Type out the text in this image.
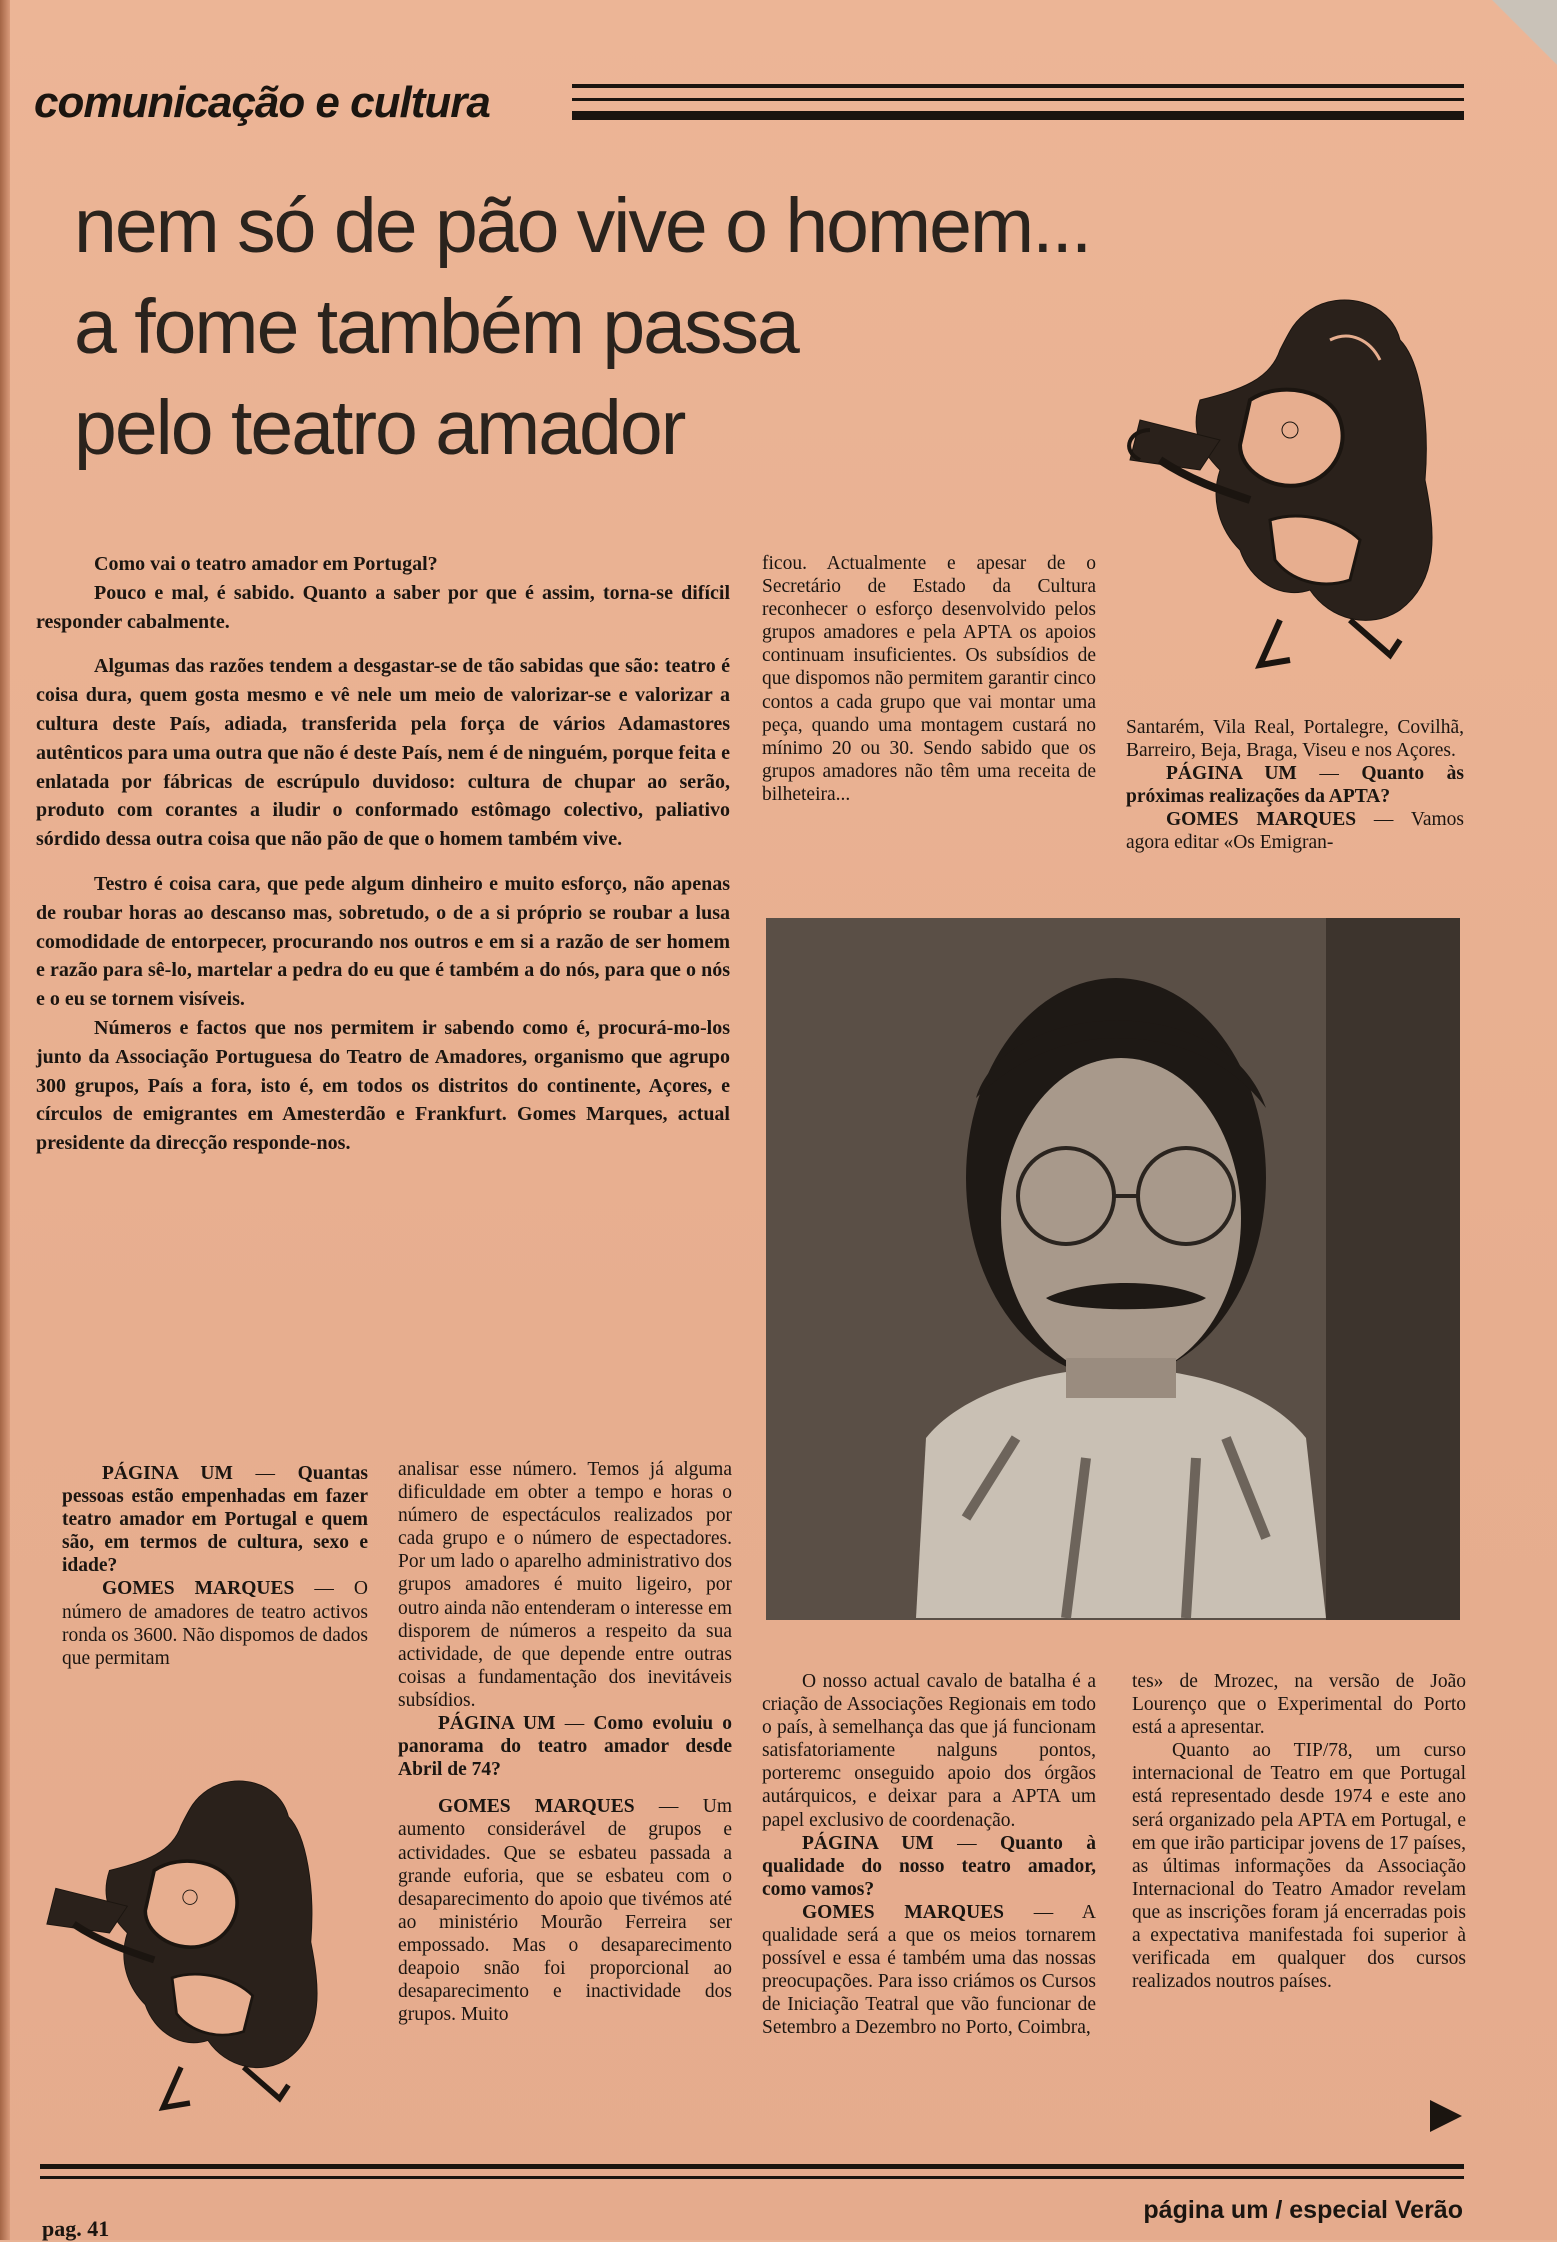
comunicação e cultura
nem só de pão vive o homem...
a fome também passa
pelo teatro amador

Como vai o teatro amador em Portugal?

Pouco e mal, é sabido. Quanto a saber por que é assim, torna-se difícil responder cabalmente.

Algumas das razões tendem a desgastar-se de tão sabidas que são: teatro é coisa dura, quem gosta mesmo e vê nele um meio de valorizar-se e valorizar a cultura deste País, adiada, transferida pela força de vários Adamastores autênticos para uma outra que não é deste País, nem é de ninguém, porque feita e enlatada por fábricas de escrúpulo duvidoso: cultura de chupar ao serão, produto com corantes a iludir o conformado estômago colectivo, paliativo sórdido dessa outra coisa que não pão de que o homem também vive.

Testro é coisa cara, que pede algum dinheiro e muito esforço, não apenas de roubar horas ao descanso mas, sobretudo, o de a si próprio se roubar a lusa comodidade de entorpecer, procurando nos outros e em si a razão de ser homem e razão para sê-lo, martelar a pedra do eu que é também a do nós, para que o nós e o eu se tornem visíveis.

Números e factos que nos permitem ir sabendo como é, procurá-mo-los junto da Associação Portuguesa do Teatro de Amadores, organismo que agrupo 300 grupos, País a fora, isto é, em todos os distritos do continente, Açores, e círculos de emigrantes em Amesterdão e Frankfurt. Gomes Marques, actual presidente da direcção responde-nos.

ficou. Actualmente e apesar de o Secretário de Estado da Cultura reconhecer o esforço desenvolvido pelos grupos amadores e pela APTA os apoios continuam insuficientes. Os subsídios de que dispomos não permitem garantir cinco contos a cada grupo que vai montar uma peça, quando uma montagem custará no mínimo 20 ou 30. Sendo sabido que os grupos amadores não têm uma receita de bilheteira...

Santarém, Vila Real, Portalegre, Covilhã, Barreiro, Beja, Braga, Viseu e nos Açores.

PÁGINA UM — Quanto às próximas realizações da APTA?

GOMES MARQUES — Vamos agora editar «Os Emigran-

PÁGINA UM — Quantas pessoas estão empenhadas em fazer teatro amador em Portugal e quem são, em termos de cultura, sexo e idade?

GOMES MARQUES — O número de amadores de teatro activos ronda os 3600. Não dispomos de dados que permitam

analisar esse número. Temos já alguma dificuldade em obter a tempo e horas o número de espectáculos realizados por cada grupo e o número de espectadores. Por um lado o aparelho administrativo dos grupos amadores é muito ligeiro, por outro ainda não entenderam o interesse em disporem de números a respeito da sua actividade, de que depende entre outras coisas a fundamentação dos inevitáveis subsídios.

PÁGINA UM — Como evoluiu o panorama do teatro amador desde Abril de 74?

GOMES MARQUES — Um aumento considerável de grupos e actividades. Que se esbateu passada a grande euforia, que se esbateu com o desaparecimento do apoio que tivémos até ao ministério Mourão Ferreira ser empossado. Mas o desaparecimento deapoio snão foi proporcional ao desaparecimento e inactividade dos grupos. Muito

O nosso actual cavalo de batalha é a criação de Associações Regionais em todo o país, à semelhança das que já funcionam satisfatoriamente nalguns pontos, porteremc onseguido apoio dos órgãos autárquicos, e deixar para a APTA um papel exclusivo de coordenação.

PÁGINA UM — Quanto à qualidade do nosso teatro amador, como vamos?

GOMES MARQUES — A qualidade será a que os meios tornarem possível e essa é também uma das nossas preocupações. Para isso criámos os Cursos de Iniciação Teatral que vão funcionar de Setembro a Dezembro no Porto, Coimbra,

tes» de Mrozec, na versão de João Lourenço que o Experimental do Porto está a apresentar.

Quanto ao TIP/78, um curso internacional de Teatro em que Portugal está representado desde 1974 e este ano será organizado pela APTA em Portugal, e em que irão participar jovens de 17 países, as últimas informações da Associação Internacional do Teatro Amador revelam que as inscrições foram já encerradas pois a expectativa manifestada foi superior à verificada em qualquer dos cursos realizados noutros países.

pag. 41
página um / especial Verão
